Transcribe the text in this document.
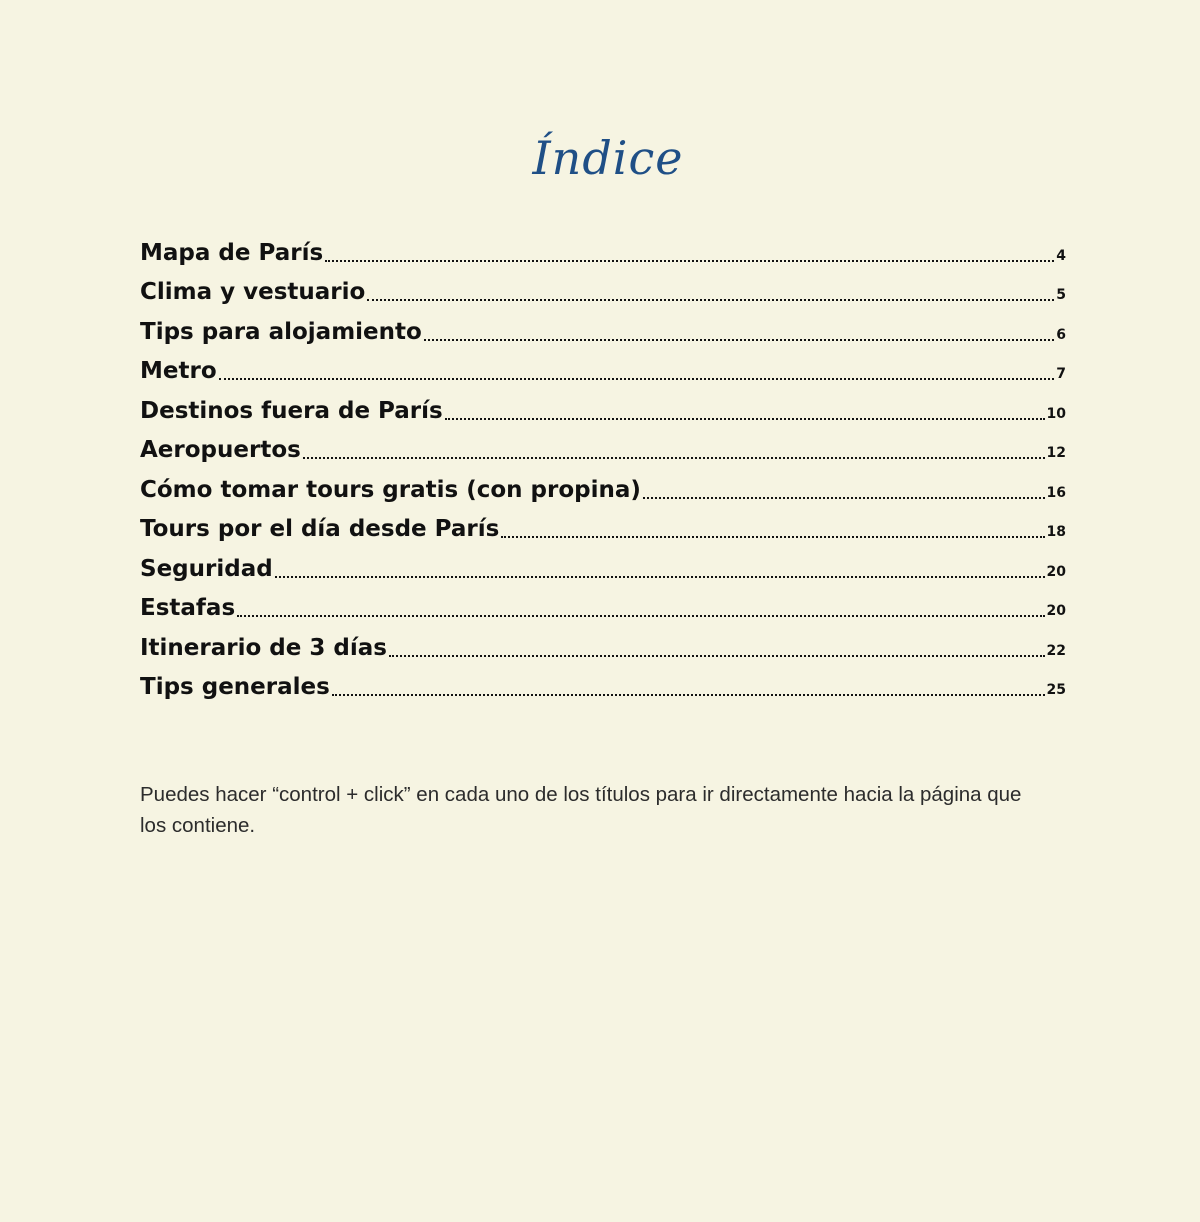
Índice
Mapa de París	4
Clima y vestuario	5
Tips para alojamiento	6
Metro	7
Destinos fuera de París	10
Aeropuertos	12
Cómo tomar tours gratis (con propina)	16
Tours por el día desde París	18
Seguridad	20
Estafas	20
Itinerario de 3 días	22
Tips generales	25

Puedes hacer “control + click” en cada uno de los títulos para ir directamente hacia la página que los contiene.
